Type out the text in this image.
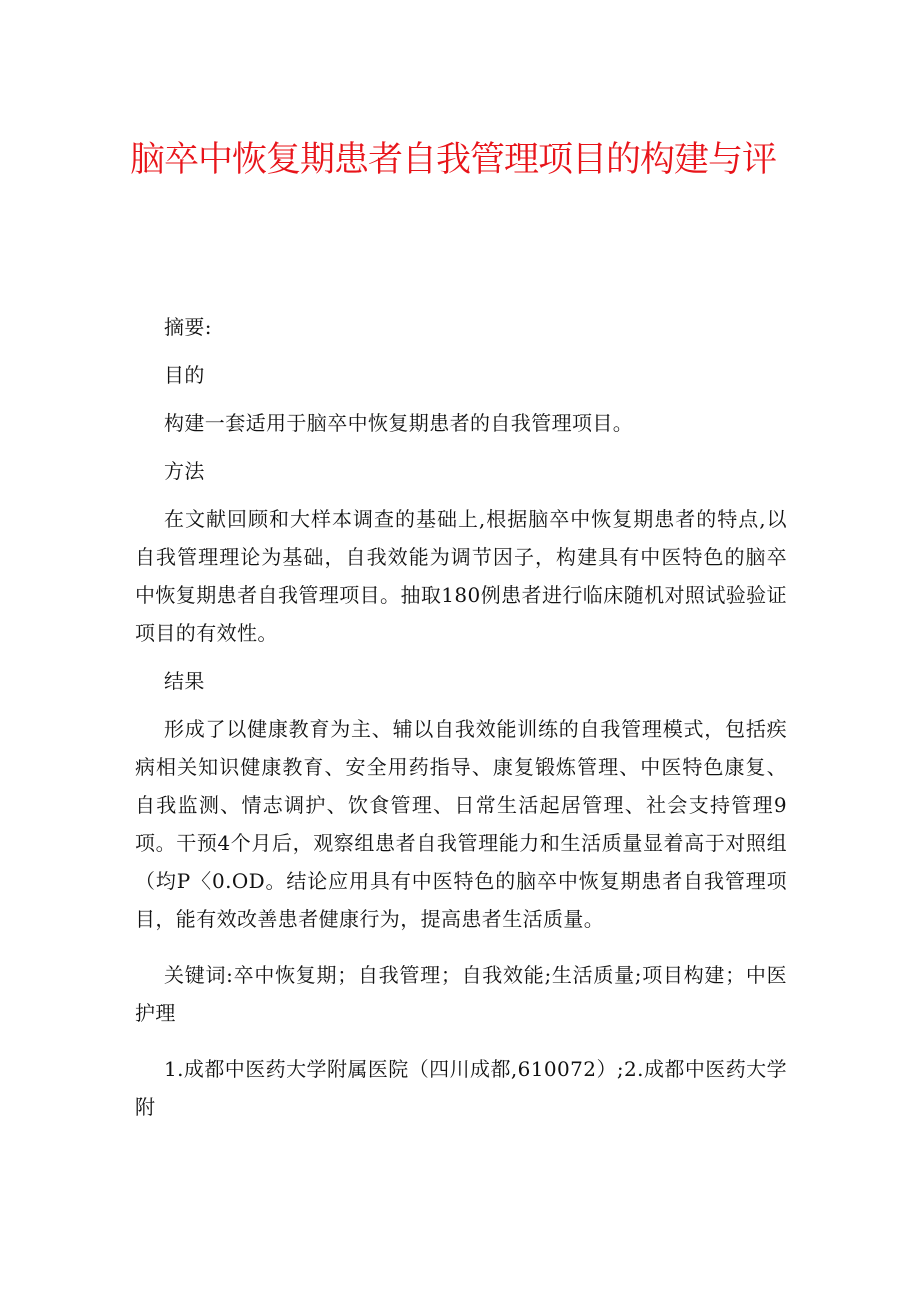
脑卒中恢复期患者自我管理项目的构建与评

摘要:

目的

构建一套适用于脑卒中恢复期患者的自我管理项目。

方法

在文献回顾和大样本调查的基础上,根据脑卒中恢复期患者的特点,以自我管理理论为基础，自我效能为调节因子，构建具有中医特色的脑卒中恢复期患者自我管理项目。抽取180例患者进行临床随机对照试验验证项目的有效性。

结果

形成了以健康教育为主、辅以自我效能训练的自我管理模式，包括疾病相关知识健康教育、安全用药指导、康复锻炼管理、中医特色康复、自我监测、情志调护、饮食管理、日常生活起居管理、社会支持管理9项。干预4个月后，观察组患者自我管理能力和生活质量显着高于对照组（均P〈0.OD。结论应用具有中医特色的脑卒中恢复期患者自我管理项目，能有效改善患者健康行为，提高患者生活质量。

关键词:卒中恢复期；自我管理；自我效能;生活质量;项目构建；中医护理

1.成都中医药大学附属医院（四川成都,610072）;2.成都中医药大学附
